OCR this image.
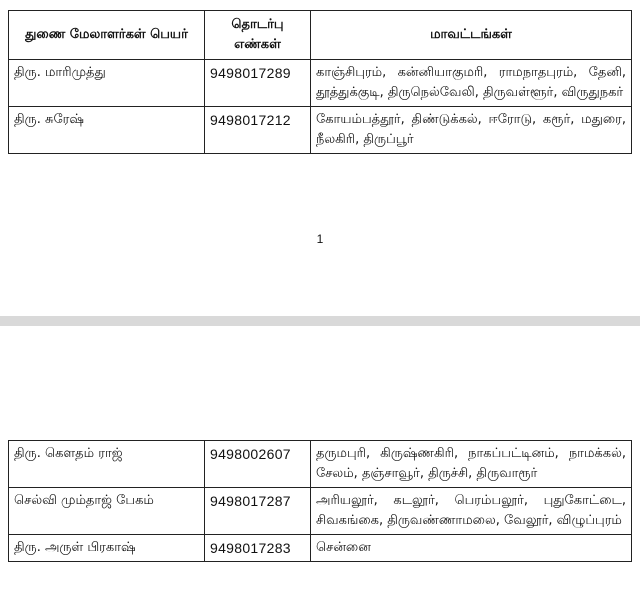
துணை மேலாளர்கள் பெயர்	தொடர்பு எண்கள்	மாவட்டங்கள்
திரு. மாரிமுத்து	9498017289	காஞ்சிபுரம், கன்னியாகுமரி, ராமநாதபுரம், தேனி, தூத்துக்குடி, திருநெல்வேலி, திருவள்ளூர், விருதுநகர்
திரு. சுரேஷ்	9498017212	கோயம்பத்தூர், திண்டுக்கல், ஈரோடு, கரூர், மதுரை, நீலகிரி, திருப்பூர்
1
திரு. கௌதம் ராஜ்	9498002607	தருமபுரி, கிருஷ்ணகிரி, நாகப்பட்டினம், நாமக்கல், சேலம், தஞ்சாவூர், திருச்சி, திருவாரூர்
செல்வி மும்தாஜ் பேகம்	9498017287	அரியலூர், கடலூர், பெரம்பலூர், புதுகோட்டை, சிவகங்கை, திருவண்ணாமலை, வேலூர், விழுப்புரம்
திரு. அருள் பிரகாஷ்	9498017283	சென்னை
